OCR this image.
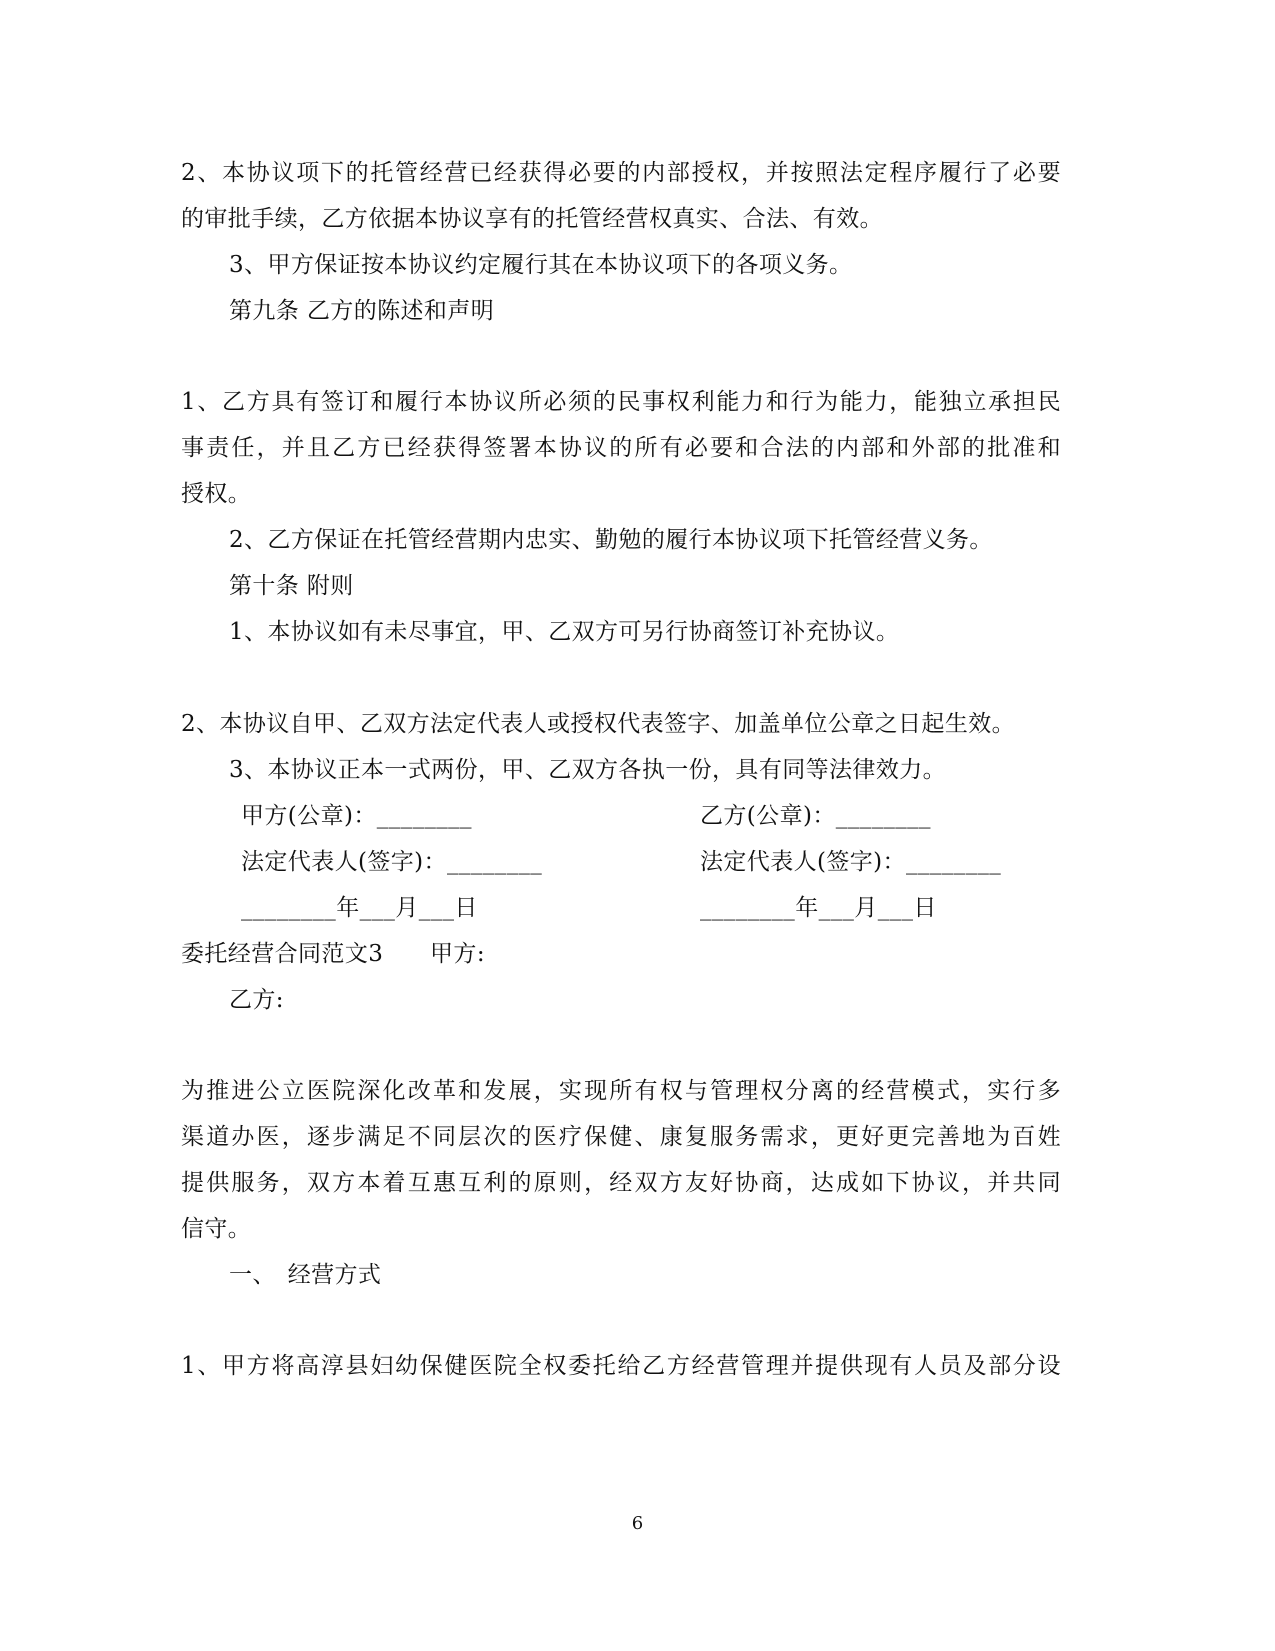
2、本协议项下的托管经营已经获得必要的内部授权，并按照法定程序履行了必要
的审批手续，乙方依据本协议享有的托管经营权真实、合法、有效。
3、甲方保证按本协议约定履行其在本协议项下的各项义务。
第九条 乙方的陈述和声明
1、乙方具有签订和履行本协议所必须的民事权利能力和行为能力，能独立承担民
事责任，并且乙方已经获得签署本协议的所有必要和合法的内部和外部的批准和
授权。
2、乙方保证在托管经营期内忠实、勤勉的履行本协议项下托管经营义务。
第十条 附则
1、本协议如有未尽事宜，甲、乙双方可另行协商签订补充协议。
2、本协议自甲、乙双方法定代表人或授权代表签字、加盖单位公章之日起生效。
3、本协议正本一式两份，甲、乙双方各执一份，具有同等法律效力。
甲方(公章)：________	乙方(公章)：________
法定代表人(签字)：________	法定代表人(签字)：________
________年___月___日	________年___月___日
委托经营合同范文3　　甲方:
乙方:
为推进公立医院深化改革和发展，实现所有权与管理权分离的经营模式，实行多
渠道办医，逐步满足不同层次的医疗保健、康复服务需求，更好更完善地为百姓
提供服务，双方本着互惠互利的原则，经双方友好协商，达成如下协议，并共同
信守。
一、　经营方式
1、甲方将高淳县妇幼保健医院全权委托给乙方经营管理并提供现有人员及部分设
6
